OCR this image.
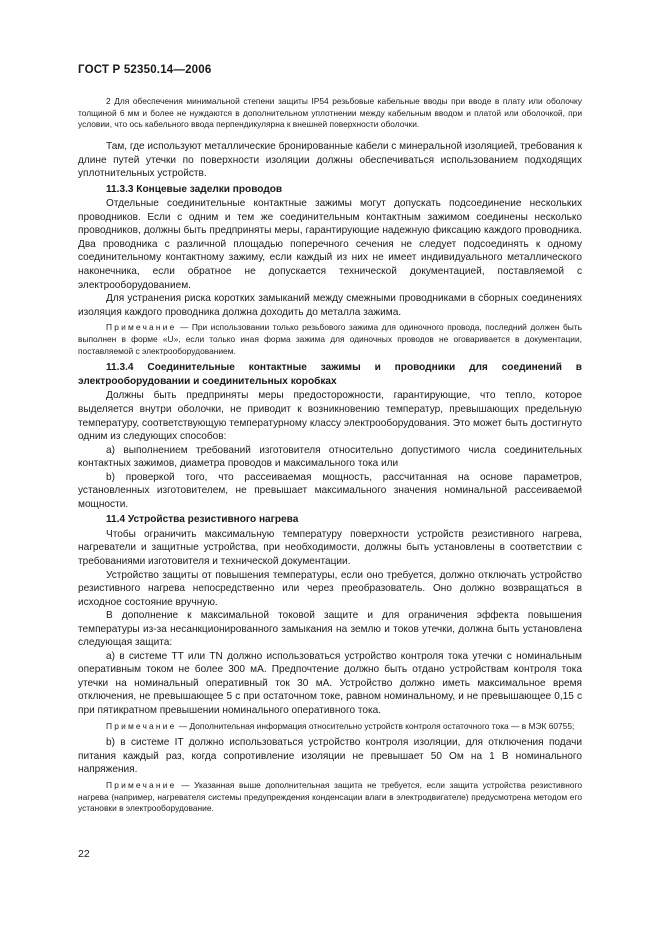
ГОСТ Р 52350.14—2006

2 Для обеспечения минимальной степени защиты IP54 резьбовые кабельные вводы при вводе в плату или оболочку толщиной 6 мм и более не нуждаются в дополнительном уплотнении между кабельным вводом и платой или оболочкой, при условии, что ось кабельного ввода перпендикулярна к внешней поверхности оболочки.

Там, где используют металлические бронированные кабели с минеральной изоляцией, требования к длине путей утечки по поверхности изоляции должны обеспечиваться использованием подходящих уплотнительных устройств.

11.3.3 Концевые заделки проводов

Отдельные соединительные контактные зажимы могут допускать подсоединение нескольких проводников. Если с одним и тем же соединительным контактным зажимом соединены несколько проводников, должны быть предприняты меры, гарантирующие надежную фиксацию каждого проводника. Два проводника с различной площадью поперечного сечения не следует подсоединять к одному соединительному контактному зажиму, если каждый из них не имеет индивидуального металлического наконечника, если обратное не допускается технической документацией, поставляемой с электрооборудованием.

Для устранения риска коротких замыканий между смежными проводниками в сборных соединениях изоляция каждого проводника должна доходить до металла зажима.

Примечание — При использовании только резьбового зажима для одиночного провода, последний должен быть выполнен в форме «U», если только иная форма зажима для одиночных проводов не оговаривается в документации, поставляемой с электрооборудованием.

11.3.4 Соединительные контактные зажимы и проводники для соединений в электрооборудовании и соединительных коробках

Должны быть предприняты меры предосторожности, гарантирующие, что тепло, которое выделяется внутри оболочки, не приводит к возникновению температур, превышающих предельную температуру, соответствующую температурному классу электрооборудования. Это может быть достигнуто одним из следующих способов:

а) выполнением требований изготовителя относительно допустимого числа соединительных контактных зажимов, диаметра проводов и максимального тока или

b) проверкой того, что рассеиваемая мощность, рассчитанная на основе параметров, установленных изготовителем, не превышает максимального значения номинальной рассеиваемой мощности.

11.4 Устройства резистивного нагрева

Чтобы ограничить максимальную температуру поверхности устройств резистивного нагрева, нагреватели и защитные устройства, при необходимости, должны быть установлены в соответствии с требованиями изготовителя и технической документации.

Устройство защиты от повышения температуры, если оно требуется, должно отключать устройство резистивного нагрева непосредственно или через преобразователь. Оно должно возвращаться в исходное состояние вручную.

В дополнение к максимальной токовой защите и для ограничения эффекта повышения температуры из-за несанкционированного замыкания на землю и токов утечки, должна быть установлена следующая защита:

а) в системе TT или TN должно использоваться устройство контроля тока утечки с номинальным оперативным током не более 300 мА. Предпочтение должно быть отдано устройствам контроля тока утечки на номинальный оперативный ток 30 мА. Устройство должно иметь максимальное время отключения, не превышающее 5 с при остаточном токе, равном номинальному, и не превышающее 0,15 с при пятикратном превышении номинального оперативного тока.

Примечание — Дополнительная информация относительно устройств контроля остаточного тока — в МЭК 60755;

b) в системе IT должно использоваться устройство контроля изоляции, для отключения подачи питания каждый раз, когда сопротивление изоляции не превышает 50 Ом на 1 В номинального напряжения.

Примечание — Указанная выше дополнительная защита не требуется, если защита устройства резистивного нагрева (например, нагревателя системы предупреждения конденсации влаги в электродвигателе) предусмотрена методом его установки в электрооборудование.

22
